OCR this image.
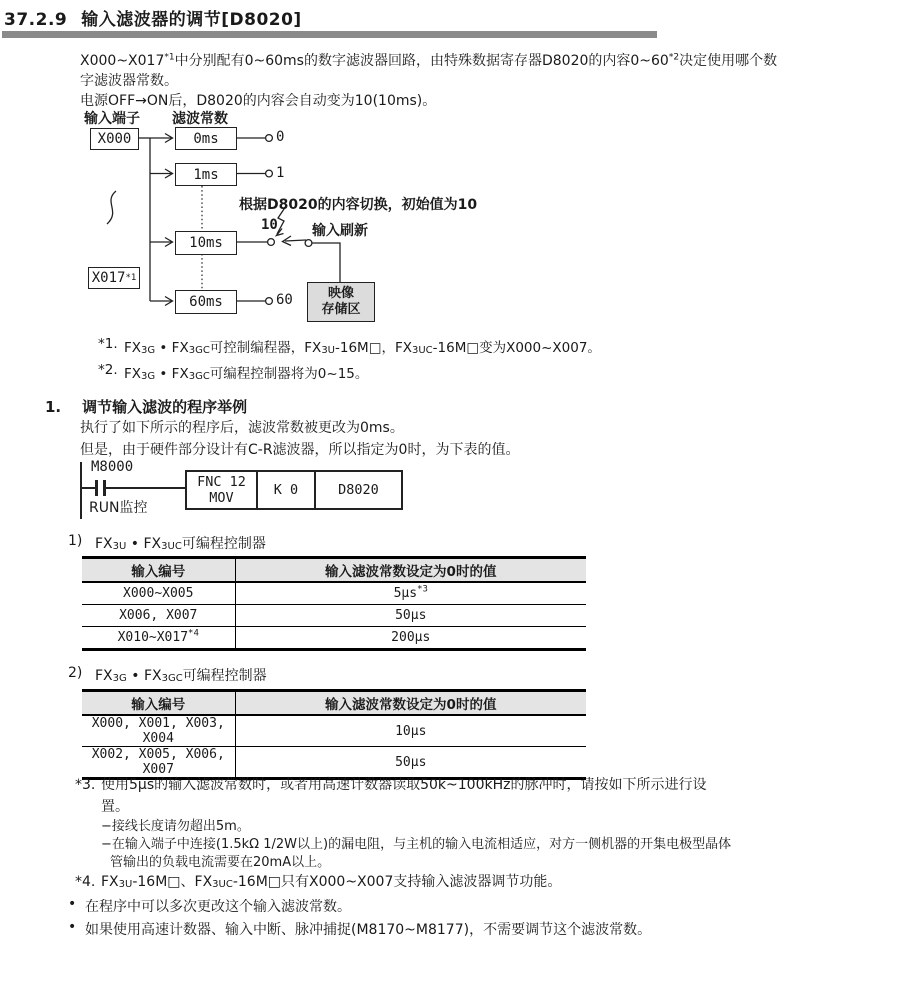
37.2.9 输入滤波器的调节[D8020]
X000~X017$^{*1}$中分别配有0~60ms的数字滤波器回路，由特殊数据寄存器D8020的内容0~60$^{*2}$决定使用哪个数
字滤波器常数。
电源OFF→ON后，D8020的内容会自动变为10(10ms)。
输入端子 滤波常数
X000
X017 *1
0ms
1ms
10ms
60ms
0
1
60
根据D8020的内容切换，初始值为10
10 输入刷新
映像
存储区
*1. $FX_{3G}$ • $FX_{3GC}$可控制编程器，$FX_{3U}-16M□$，$FX_{3UC}-16M□$变为X000~X007。
*2. $FX_{3G}$ • $FX_{3GC}$可编程控制器将为0~15。
1. 调节输入滤波的程序举例
执行了如下所示的程序后，滤波常数被更改为0ms。
但是，由于硬件部分设计有C-R滤波器，所以指定为0时，为下表的值。
M8000
RUN监控
FNC 12
MOV	K 0	D8020
1) $FX_{3U}$ • $FX_{3UC}$可编程控制器
输入编号	输入滤波常数设定为0时的值
X000~X005	$5\mu s^{*3}$
X006, X007	50μs
X010~X017$^{*4}$	200μs
2) $FX_{3G}$ • $FX_{3GC}$可编程控制器
输入编号	输入滤波常数设定为0时的值
X000, X001, X003, X004	10μs
X002, X005, X006, X007	50μs
*3. 使用5μs的输入滤波常数时，或者用高速计数器读取50k~100kHz的脉冲时，请按如下所示进行设
置。
−接线长度请勿超出5m。
−在输入端子中连接(1.5kΩ 1/2W以上)的漏电阻，与主机的输入电流相适应，对方一侧机器的开集电极型晶体
管输出的负载电流需要在20mA以上。
*4. $FX_{3U}-16M□$、$FX_{3UC}-16M□$只有X000~X007支持输入滤波器调节功能。
• 在程序中可以多次更改这个输入滤波常数。
• 如果使用高速计数器、输入中断、脉冲捕捉(M8170~M8177)，不需要调节这个滤波常数。
